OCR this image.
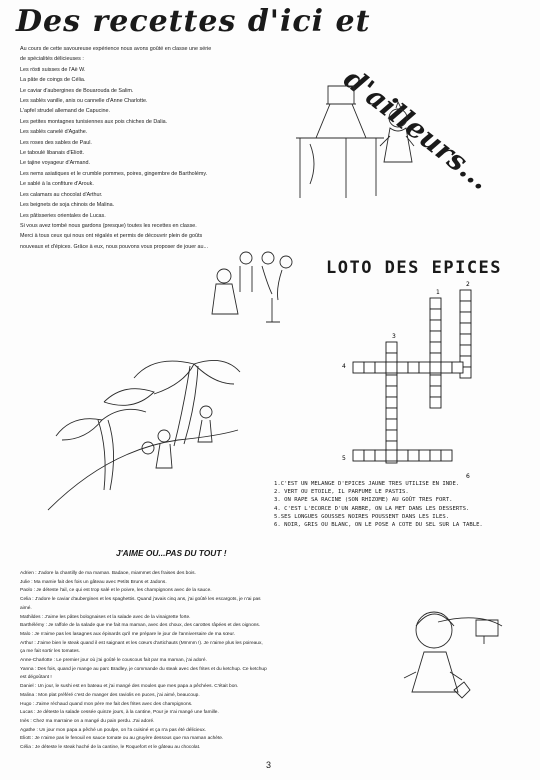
Des recettes d'ici et
d'ailleurs...
Au cours de cette savoureuse expérience nous avons goûté en classe une série
de spécialités délicieuses :
Les rösti suisses de l'Aë W.
La pâte de coings de Célia.
Le caviar d'aubergines de Bouarouda de Salim.
Les sablés vanille, anis ou cannelle d'Anne Charlotte.
L'apfel strudel allemand de Capucine.
Les petites montagnes tunisiennes aux pois chiches de Dalia.
Les sablés canelé d'Agathe.
Les roses des sables de Paul.
Le taboulé libanais d'Eliott.
Le tajine voyageur d'Armand.
Les nems asiatiques et le crumble pommes, poires, gingembre de Bartholémy.
Le sablé à la confiture d'Arouk.
Les calamars au chocolat d'Arthur.
Les beignets de soja chinois de Malina.
Les pâtisseries orientales de Lucas.
Si vous avez tombé nous gardons (presque) toutes les recettes en classe.
Merci à tous ceux qui nous ont régalés et permis de découvrir plein de goûts
nouveaux et d'épices. Grâce à eux, nous pouvons vous proposer de jouer au...
LOTO DES EPICES
1
2
3
4
5
6
1.C'EST UN MELANGE D'EPICES JAUNE TRES UTILISE EN INDE.
2. VERT OU ETOILE, IL PARFUME LE PASTIS.
3. ON RAPE SA RACINE (SON RHIZOME) AU GOÛT TRES FORT.
4. C'EST L'ECORCE D'UN ARBRE, ON LA MET DANS LES DESSERTS.
5.SES LONGUES GOUSSES NOIRES POUSSENT DANS LES ILES.
6. NOIR, GRIS OU BLANC, ON LE POSE A COTE DU SEL SUR LA TABLE.
J'AIME OU...PAS DU TOUT !
Adrien : J'adore la chantilly de ma maman. Badaoe, miammet des fraises des bois.
Julie : Ma mamie fait des fois un gâteau avec Petits Bruns et Jadons.
Paolo : Je déteste l'ail, ce qui est trop salé et le poivre, les champignons avec de la sauce.
Celia : J'adore le caviar d'aubergines et les spaghettis. Quand j'avais cinq ans, j'ai goûté les escargots, je n'ai pas
aimé.
Mathildes : J'aime les pâtes bolognaises et la salade avec de la vinaigrette forte.
Barthélémy : Je raffole de la salade que me fait ma maman, avec des choux, des carottes râpées et des oignons.
Malo : Je n'aime pas les lasagnes aux épinards qu'il me prépare le jour de l'anniversaire de ma sœur.
Arthur : J'aime bien le steak quand il est saignant et les cœurs d'artichauts (Mmmm !). Je n'aime plus les poireaux,
ça me fait sortir les tomates.
Anne-Charlotte : Le premier jour où j'ai goûté le couscous fait par ma maman, j'ai adoré.
Yanna : Des fois, quand je mange au parc Bradley, je commande du steak avec des frites et du ketchup. Ce ketchup
est dégoûtant !
Daniel : Un jour, le sushi est en bateau et j'ai mangé des moules que mes papa a pêchées. C'était bon.
Malina : Mon plat préféré c'est de manger des raviolis en puces, j'ai aimé, beaucoup.
Hugo : J'aime réchaud quand mon père me fait des frites avec des champignons.
Lucas : Je déteste la salade cessée quinze jours, à la cantine, Pour je n'ai mangé une famille.
Inès : Chez ma marraine on a mangé du pain perdu. J'ai adoré.
Agathe : Un jour mon papa a pêché un poulpe, on l'a cuisiné et ça n'a pas été délicieux.
Eliott : Je n'aime pas le fenouil en sauce tomate ou au gruyère dessous que ma maman achète.
Célia : Je déteste le steak haché de la cantine, le Roquefort et le gâteau au chocolat.
3
